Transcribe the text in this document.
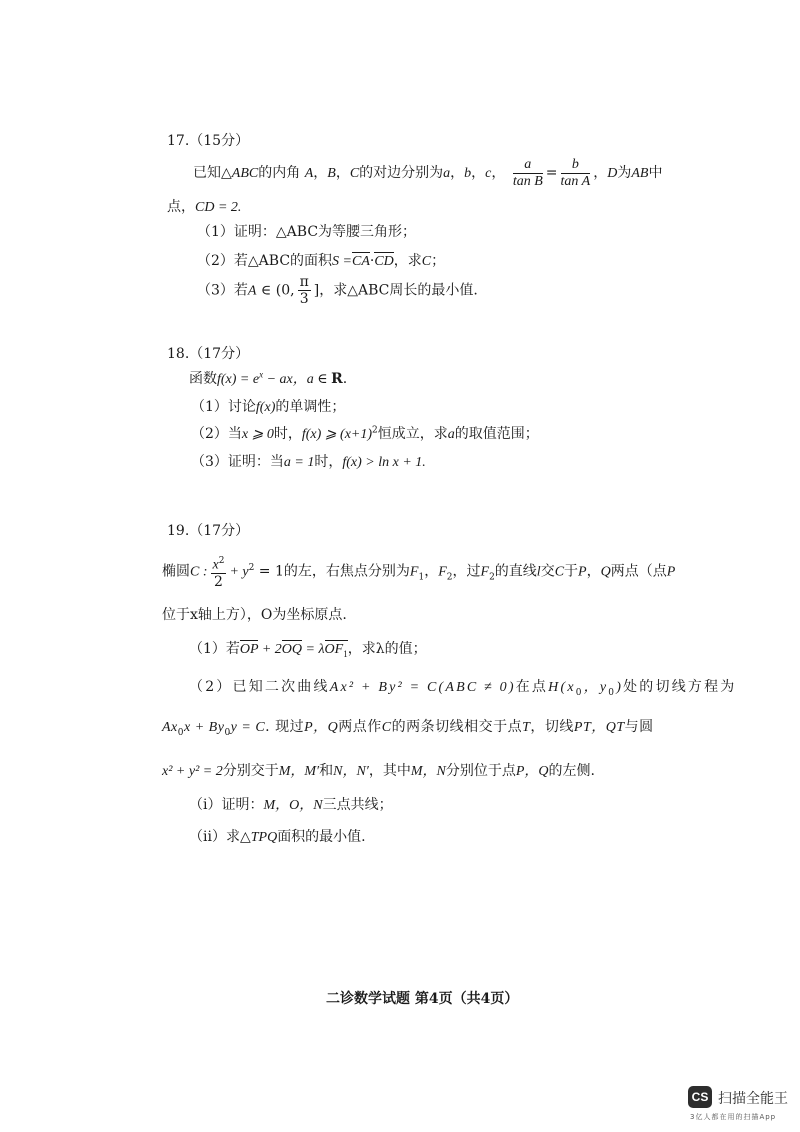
17.（15分）
已知△ABC的内角 A，B，C的对边分别为a，b，c， $\frac{a}{\text{tan B}} = \frac{b}{\text{tan A}}$ ，D为AB中
点，CD = 2.
（1）证明：△ABC为等腰三角形；
（2）若△ABC的面积S =CA·CD，求C；
（3）若A ∈ (0, $\frac{\pi}{3}$ ]，求△ABC周长的最小值.
18.（17分）
函数$f(x) = e^x$ − ax，a ∈ R.
（1）讨论f(x)的单调性；
（2）当x ⩾ 0时，f(x) ⩾ $(x+1)^2$恒成立，求a的取值范围；
（3）证明：当a = 1时，f(x) > ln x + 1.
19.（17分）
椭圆C : $\frac{x^2}{2} + y^2 = 1$的左，右焦点分别为$F_1$，$F_2$，过$F_2$的直线l交C于P，Q两点（点P
位于x轴上方），O为坐标原点.
（1）若OP + 2OQ = λOF$_1$，求λ的值；
（2）已知二次曲线Ax² + By² = C(ABC ≠ 0)在点$H(x_0$，$y_0$)处的切线方程为
$Ax_0x + By_0y = C$. 现过P，Q两点作C的两条切线相交于点T，切线PT，QT与圆
x² + y² = 2分别交于M，M′和N，N′，其中M，N分别位于点P，Q的左侧.
（i）证明：M，O，N三点共线；
（ii）求△TPQ面积的最小值.
二诊数学试题 第4页（共4页）
CS 扫描全能王
3亿人都在用的扫描App
